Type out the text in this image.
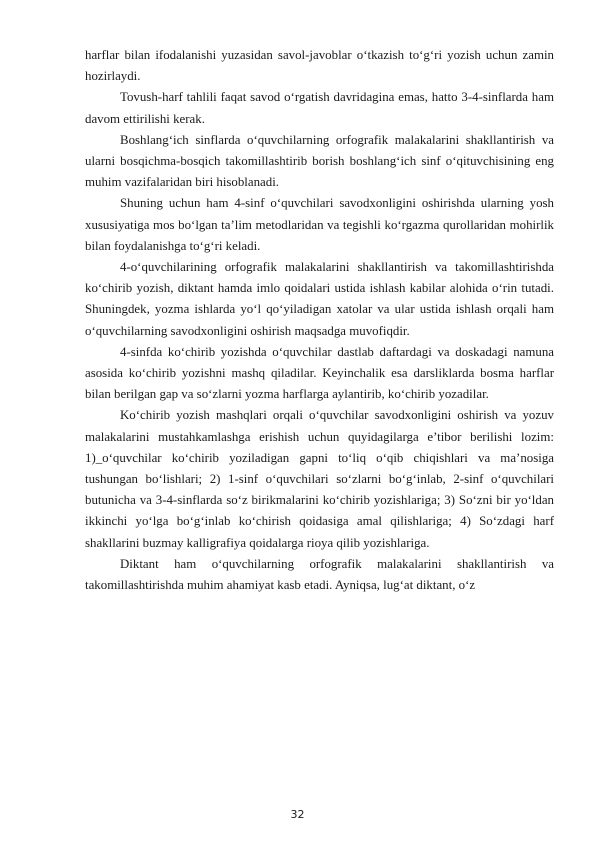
harflar bilan ifodalanishi yuzasidan savol-javoblar oʻtkazish toʻgʻri yozish uchun zamin hozirlaydi.

Tovush-harf tahlili faqat savod oʻrgatish davridagina emas, hatto 3-4-sinflarda ham davom ettirilishi kerak.

Boshlangʻich sinflarda oʻquvchilarning orfografik malakalarini shakllantirish va ularni bosqichma-bosqich takomillashtirib borish boshlangʻich sinf oʻqituvchisining eng muhim vazifalaridan biri hisoblanadi.

Shuning uchun ham 4-sinf oʻquvchilari savodxonligini oshirishda ularning yosh xususiyatiga mos boʻlgan ta’lim metodlaridan va tegishli koʻrgazma qurollaridan mohirlik bilan foydalanishga toʻgʻri keladi.

4-oʻquvchilarining orfografik malakalarini shakllantirish va takomillashtirishda koʻchirib yozish, diktant hamda imlo qoidalari ustida ishlash kabilar alohida oʻrin tutadi. Shuningdek, yozma ishlarda yoʻl qoʻyiladigan xatolar va ular ustida ishlash orqali ham oʻquvchilarning savodxonligini oshirish maqsadga muvofiqdir.

4-sinfda koʻchirib yozishda oʻquvchilar dastlab daftardagi va doskadagi namuna asosida koʻchirib yozishni mashq qiladilar. Keyinchalik esa darsliklarda bosma harflar bilan berilgan gap va soʻzlarni yozma harflarga aylantirib, koʻchirib yozadilar.

Koʻchirib yozish mashqlari orqali oʻquvchilar savodxonligini oshirish va yozuv malakalarini mustahkamlashga erishish uchun quyidagilarga e’tibor berilishi lozim: 1)_oʻquvchilar koʻchirib yoziladigan gapni toʻliq oʻqib chiqishlari va ma’nosiga tushungan boʻlishlari; 2) 1-sinf oʻquvchilari soʻzlarni boʻgʻinlab, 2-sinf oʻquvchilari butunicha va 3-4-sinflarda soʻz birikmalarini koʻchirib yozishlariga; 3) Soʻzni bir yoʻldan ikkinchi yoʻlga boʻgʻinlab koʻchirish qoidasiga amal qilishlariga; 4) Soʻzdagi harf shakllarini buzmay kalligrafiya qoidalarga rioya qilib yozishlariga.

Diktant ham oʻquvchilarning orfografik malakalarini shakllantirish va takomillashtirishda muhim ahamiyat kasb etadi. Ayniqsa, lugʻat diktant, oʻz

32
